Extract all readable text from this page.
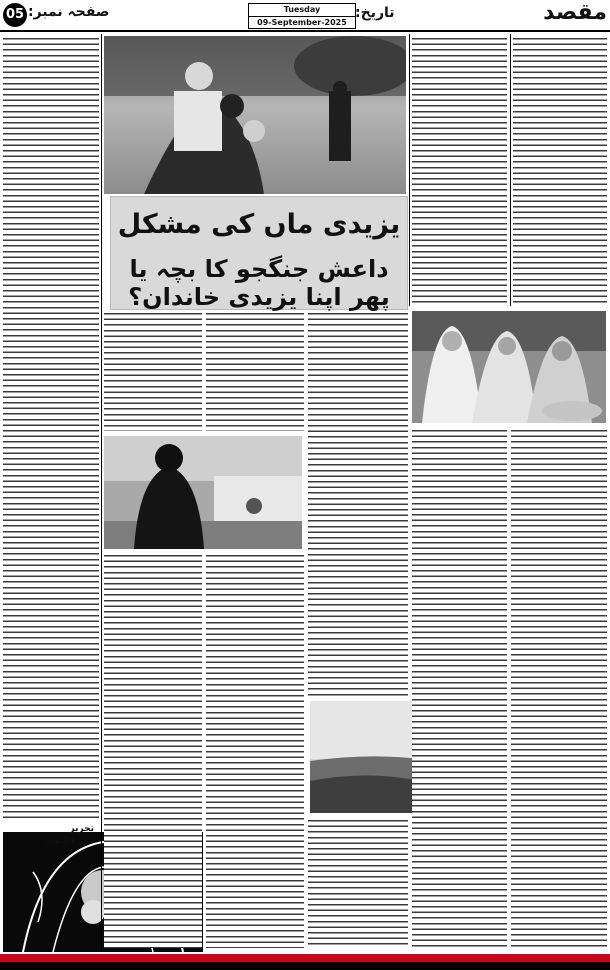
05 صفحہ نمبر:	Tuesday
09-September-2025
تاریخ:	مقصد
یزیدی ماں کی مشکل
داعش جنگجو کا بچہ یا پھر اپنا یزیدی خاندان؟
تحریر
فیروزہ الدھری
